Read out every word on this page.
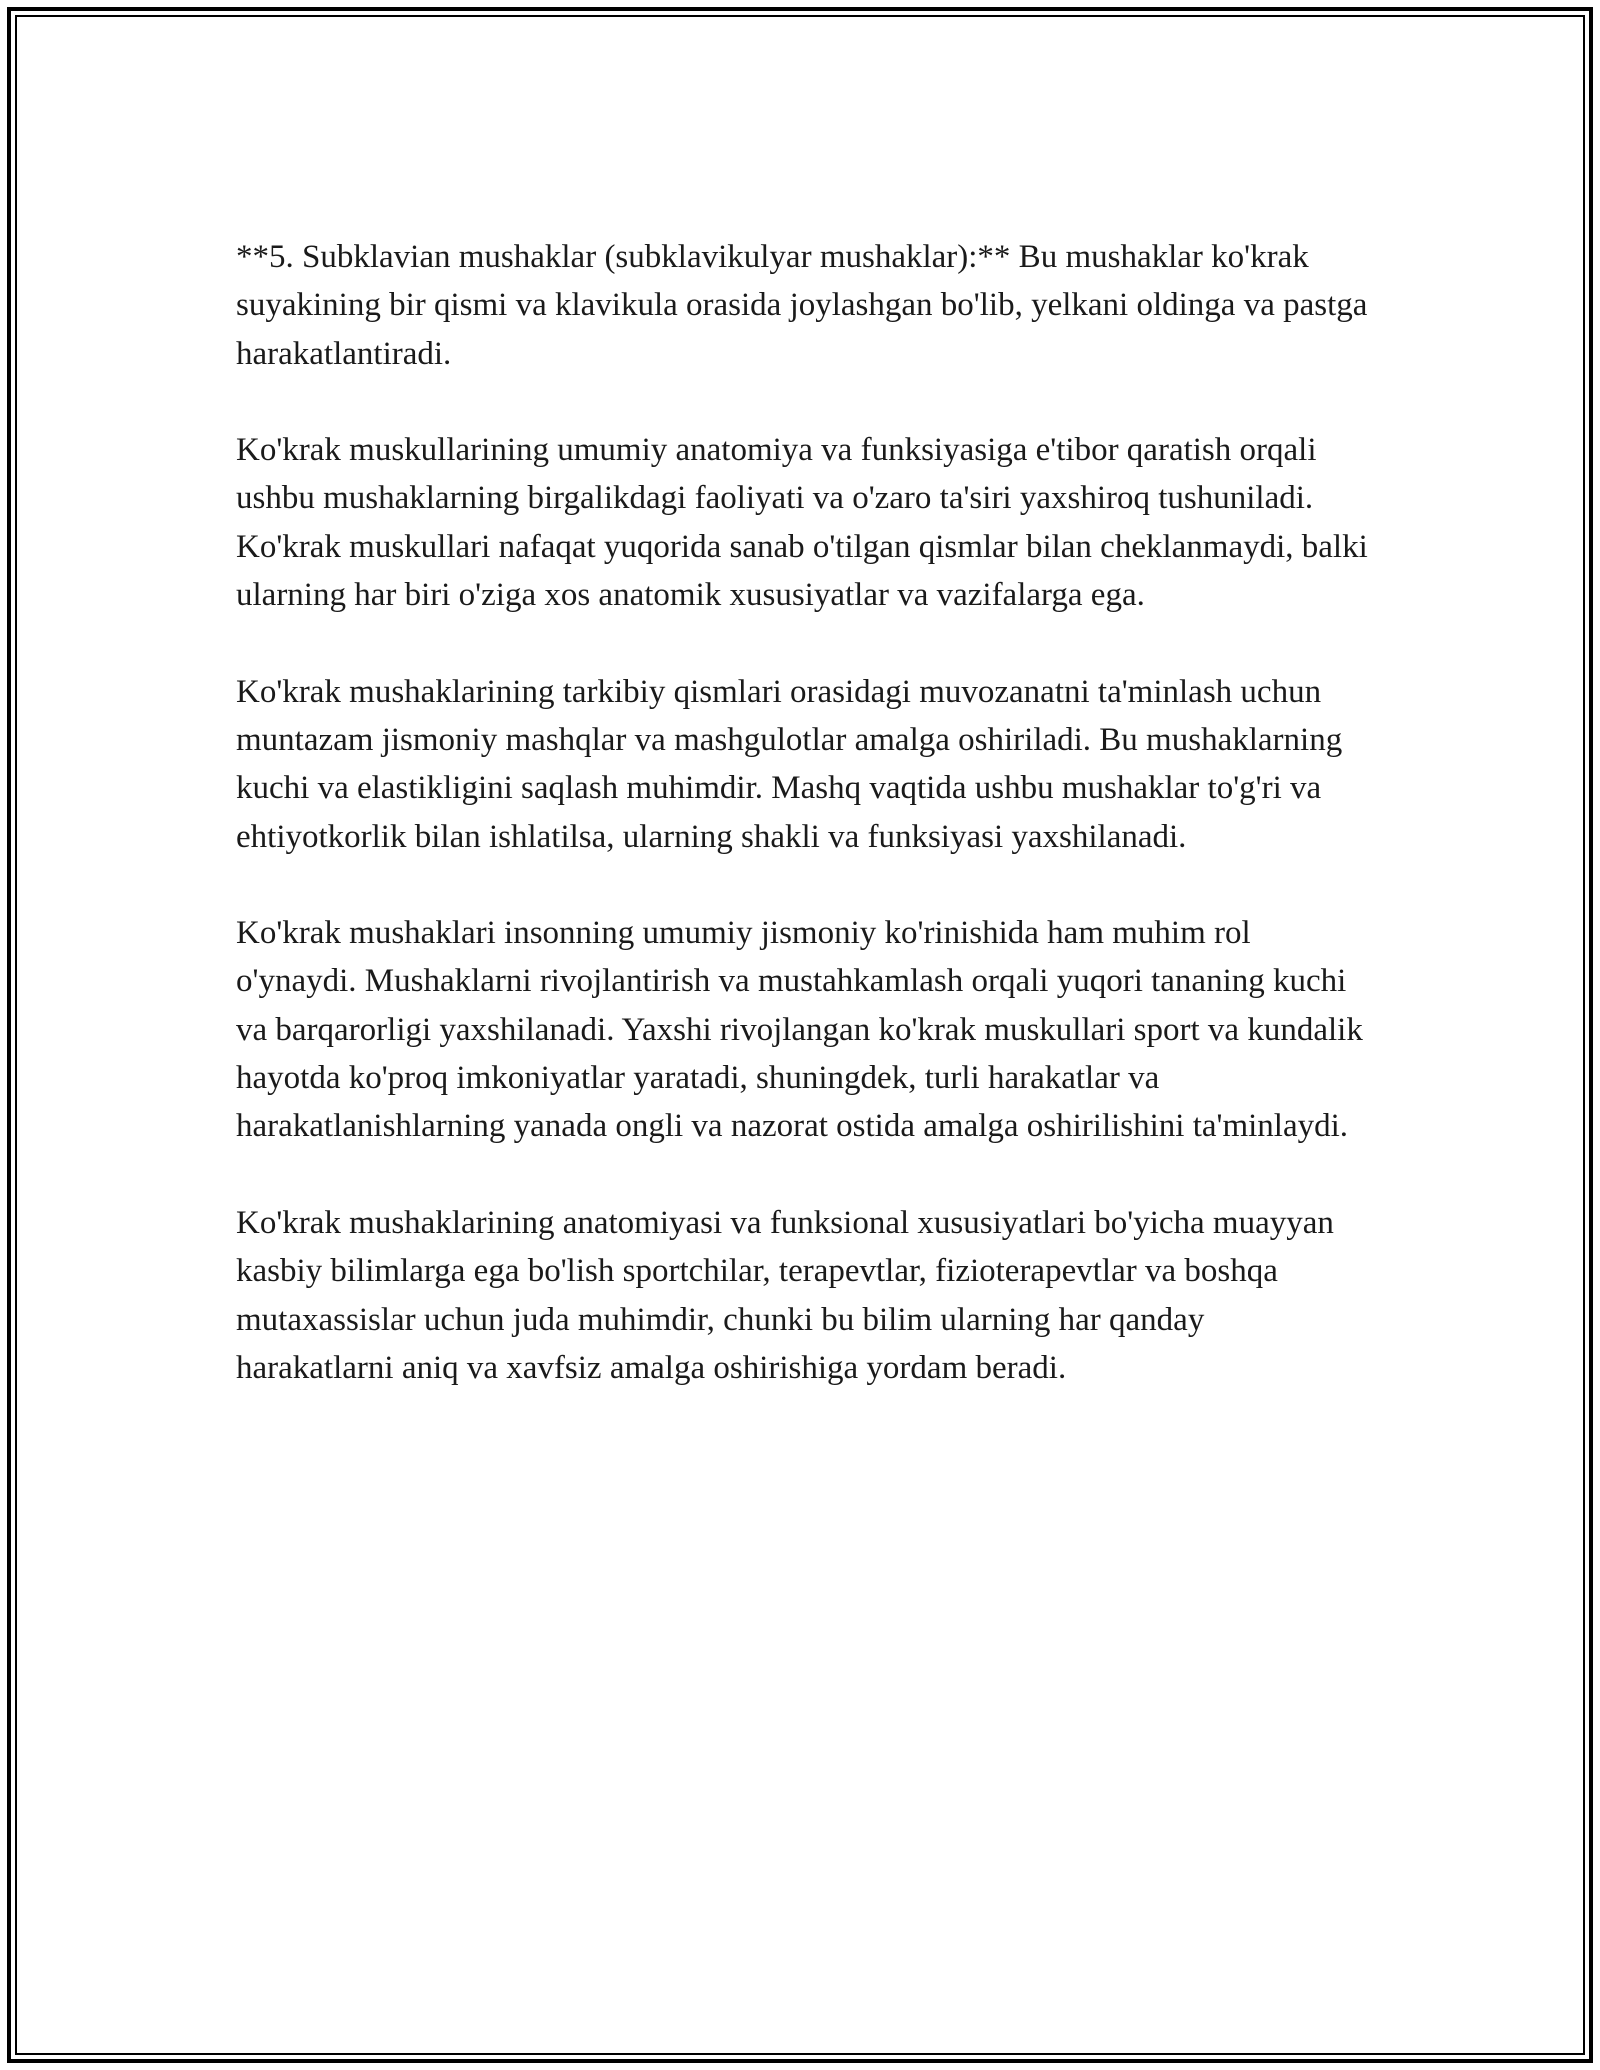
**5. Subklavian mushaklar (subklavikulyar mushaklar):** Bu mushaklar ko'krak suyakining bir qismi va klavikula orasida joylashgan bo'lib, yelkani oldinga va pastga harakatlantiradi.

Ko'krak muskullarining umumiy anatomiya va funksiyasiga e'tibor qaratish orqali ushbu mushaklarning birgalikdagi faoliyati va o'zaro ta'siri yaxshiroq tushuniladi. Ko'krak muskullari nafaqat yuqorida sanab o'tilgan qismlar bilan cheklanmaydi, balki ularning har biri o'ziga xos anatomik xususiyatlar va vazifalarga ega.

Ko'krak mushaklarining tarkibiy qismlari orasidagi muvozanatni ta'minlash uchun muntazam jismoniy mashqlar va mashgulotlar amalga oshiriladi. Bu mushaklarning kuchi va elastikligini saqlash muhimdir. Mashq vaqtida ushbu mushaklar to'g'ri va ehtiyotkorlik bilan ishlatilsa, ularning shakli va funksiyasi yaxshilanadi.

Ko'krak mushaklari insonning umumiy jismoniy ko'rinishida ham muhim rol o'ynaydi. Mushaklarni rivojlantirish va mustahkamlash orqali yuqori tananing kuchi va barqarorligi yaxshilanadi. Yaxshi rivojlangan ko'krak muskullari sport va kundalik hayotda ko'proq imkoniyatlar yaratadi, shuningdek, turli harakatlar va harakatlanishlarning yanada ongli va nazorat ostida amalga oshirilishini ta'minlaydi.

Ko'krak mushaklarining anatomiyasi va funksional xususiyatlari bo'yicha muayyan kasbiy bilimlarga ega bo'lish sportchilar, terapevtlar, fizioterapevtlar va boshqa mutaxassislar uchun juda muhimdir, chunki bu bilim ularning har qanday harakatlarni aniq va xavfsiz amalga oshirishiga yordam beradi.
